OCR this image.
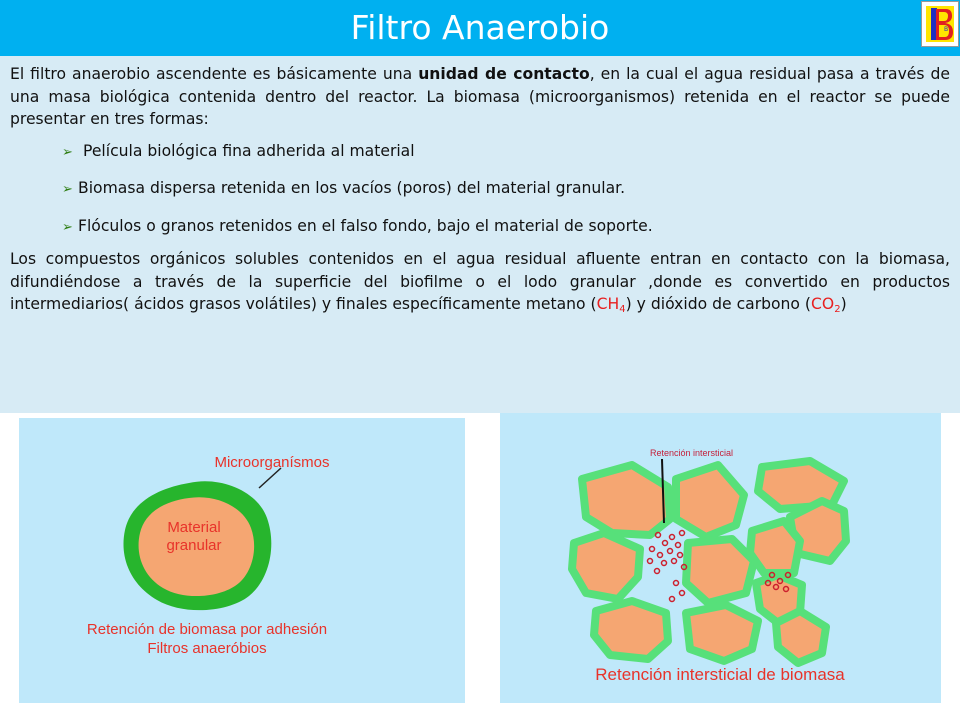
Filtro Anaerobio	B

El filtro anaerobio ascendente es básicamente una unidad de contacto, en la cual el agua residual pasa a través de una masa biológica contenida dentro del reactor. La biomasa (microorganismos) retenida en el reactor se puede presentar en tres formas:

➢ Película biológica fina adherida al material

➢ Biomasa dispersa retenida en los vacíos (poros) del material granular.

➢ Flóculos o granos retenidos en el falso fondo, bajo el material de soporte.

Los compuestos orgánicos solubles contenidos en el agua residual afluente entran en contacto con la biomasa, difundiéndose a través de la superficie del biofilme o el lodo granular ,donde es convertido en productos intermediarios( ácidos grasos volátiles) y finales específicamente metano $(CH_4)$ y dióxido de carbono $(CO_2)$

Microorganísmos
Material
granular
Retención de biomasa por adhesión
Filtros anaeróbios
Retención intersticial
Retención intersticial de biomasa
